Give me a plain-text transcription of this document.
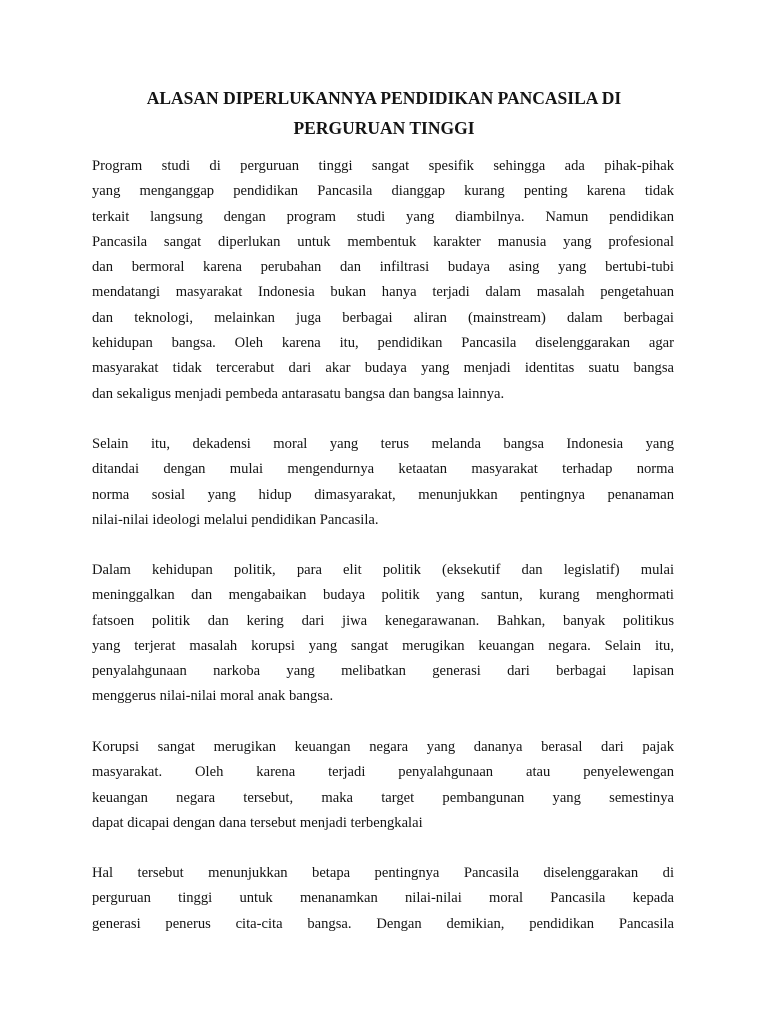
ALASAN DIPERLUKANNYA PENDIDIKAN PANCASILA DI
PERGURUAN TINGGI
Program studi di perguruan tinggi sangat spesifik sehingga ada pihak-pihak
yang menganggap pendidikan Pancasila dianggap kurang penting karena tidak
terkait langsung dengan program studi yang diambilnya. Namun pendidikan
Pancasila sangat diperlukan untuk membentuk karakter manusia yang profesional
dan bermoral karena perubahan dan infiltrasi budaya asing yang bertubi-tubi
mendatangi masyarakat Indonesia bukan hanya terjadi dalam masalah pengetahuan
dan teknologi, melainkan juga berbagai aliran (mainstream) dalam berbagai
kehidupan bangsa. Oleh karena itu, pendidikan Pancasila diselenggarakan agar
masyarakat tidak tercerabut dari akar budaya yang menjadi identitas suatu bangsa
dan sekaligus menjadi pembeda antarasatu bangsa dan bangsa lainnya.
Selain itu, dekadensi moral yang terus melanda bangsa Indonesia yang
ditandai dengan mulai mengendurnya ketaatan masyarakat terhadap norma
norma sosial yang hidup dimasyarakat, menunjukkan pentingnya penanaman
nilai-nilai ideologi melalui pendidikan Pancasila.
Dalam kehidupan politik, para elit politik (eksekutif dan legislatif) mulai
meninggalkan dan mengabaikan budaya politik yang santun, kurang menghormati
fatsoen politik dan kering dari jiwa kenegarawanan. Bahkan, banyak politikus
yang terjerat masalah korupsi yang sangat merugikan keuangan negara. Selain itu,
penyalahgunaan narkoba yang melibatkan generasi dari berbagai lapisan
menggerus nilai-nilai moral anak bangsa.
Korupsi sangat merugikan keuangan negara yang dananya berasal dari pajak
masyarakat. Oleh karena terjadi penyalahgunaan atau penyelewengan
keuangan negara tersebut, maka target pembangunan yang semestinya
dapat dicapai dengan dana tersebut menjadi terbengkalai
Hal tersebut menunjukkan betapa pentingnya Pancasila diselenggarakan di
perguruan tinggi untuk menanamkan nilai-nilai moral Pancasila kepada
generasi penerus cita-cita bangsa. Dengan demikian, pendidikan Pancasila
